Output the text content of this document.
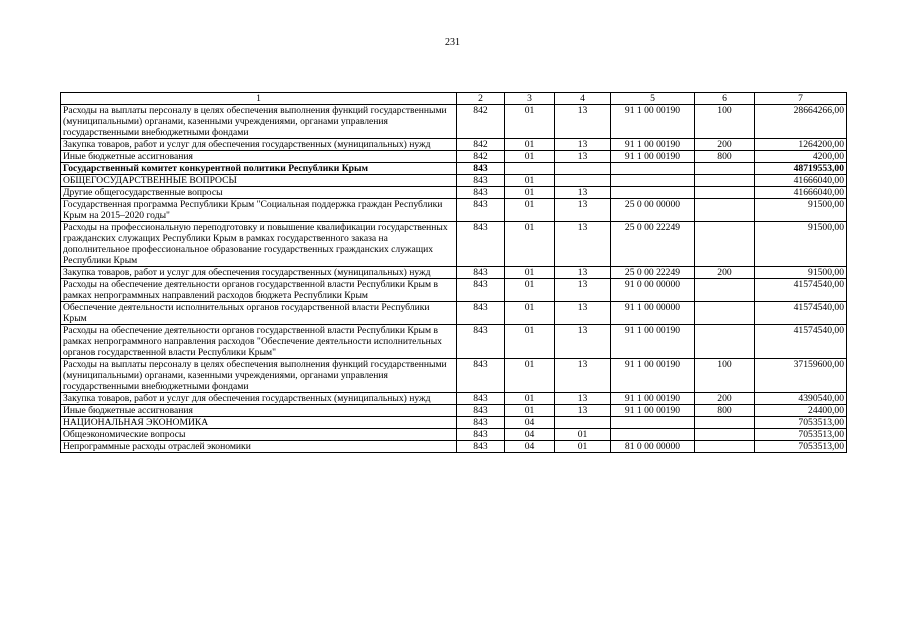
231
1	2	3	4	5	6	7
Расходы на выплаты персоналу в целях обеспечения выполнения функций государственными (муниципальными) органами, казенными учреждениями, органами управления государственными внебюджетными фондами	842	01	13	91 1 00 00190	100	28664266,00
Закупка товаров, работ и услуг для обеспечения государственных (муниципальных) нужд	842	01	13	91 1 00 00190	200	1264200,00
Иные бюджетные ассигнования	842	01	13	91 1 00 00190	800	4200,00
Государственный комитет конкурентной политики Республики Крым	843					48719553,00
ОБЩЕГОСУДАРСТВЕННЫЕ ВОПРОСЫ	843	01				41666040,00
Другие общегосударственные вопросы	843	01	13			41666040,00
Государственная программа Республики Крым "Социальная поддержка граждан Республики Крым на 2015–2020 годы"	843	01	13	25 0 00 00000		91500,00
Расходы на профессиональную переподготовку и повышение квалификации государственных гражданских служащих Республики Крым в рамках государственного заказа на дополнительное профессиональное образование государственных гражданских служащих Республики Крым	843	01	13	25 0 00 22249		91500,00
Закупка товаров, работ и услуг для обеспечения государственных (муниципальных) нужд	843	01	13	25 0 00 22249	200	91500,00
Расходы на обеспечение деятельности органов государственной власти Республики Крым в рамках непрограммных направлений расходов бюджета Республики Крым	843	01	13	91 0 00 00000		41574540,00
Обеспечение деятельности исполнительных органов государственной власти Республики Крым	843	01	13	91 1 00 00000		41574540,00
Расходы на обеспечение деятельности органов государственной власти Республики Крым в рамках непрограммного направления расходов "Обеспечение деятельности исполнительных органов государственной власти Республики Крым"	843	01	13	91 1 00 00190		41574540,00
Расходы на выплаты персоналу в целях обеспечения выполнения функций государственными (муниципальными) органами, казенными учреждениями, органами управления государственными внебюджетными фондами	843	01	13	91 1 00 00190	100	37159600,00
Закупка товаров, работ и услуг для обеспечения государственных (муниципальных) нужд	843	01	13	91 1 00 00190	200	4390540,00
Иные бюджетные ассигнования	843	01	13	91 1 00 00190	800	24400,00
НАЦИОНАЛЬНАЯ ЭКОНОМИКА	843	04				7053513,00
Общеэкономические вопросы	843	04	01			7053513,00
Непрограммные расходы отраслей экономики	843	04	01	81 0 00 00000		7053513,00
